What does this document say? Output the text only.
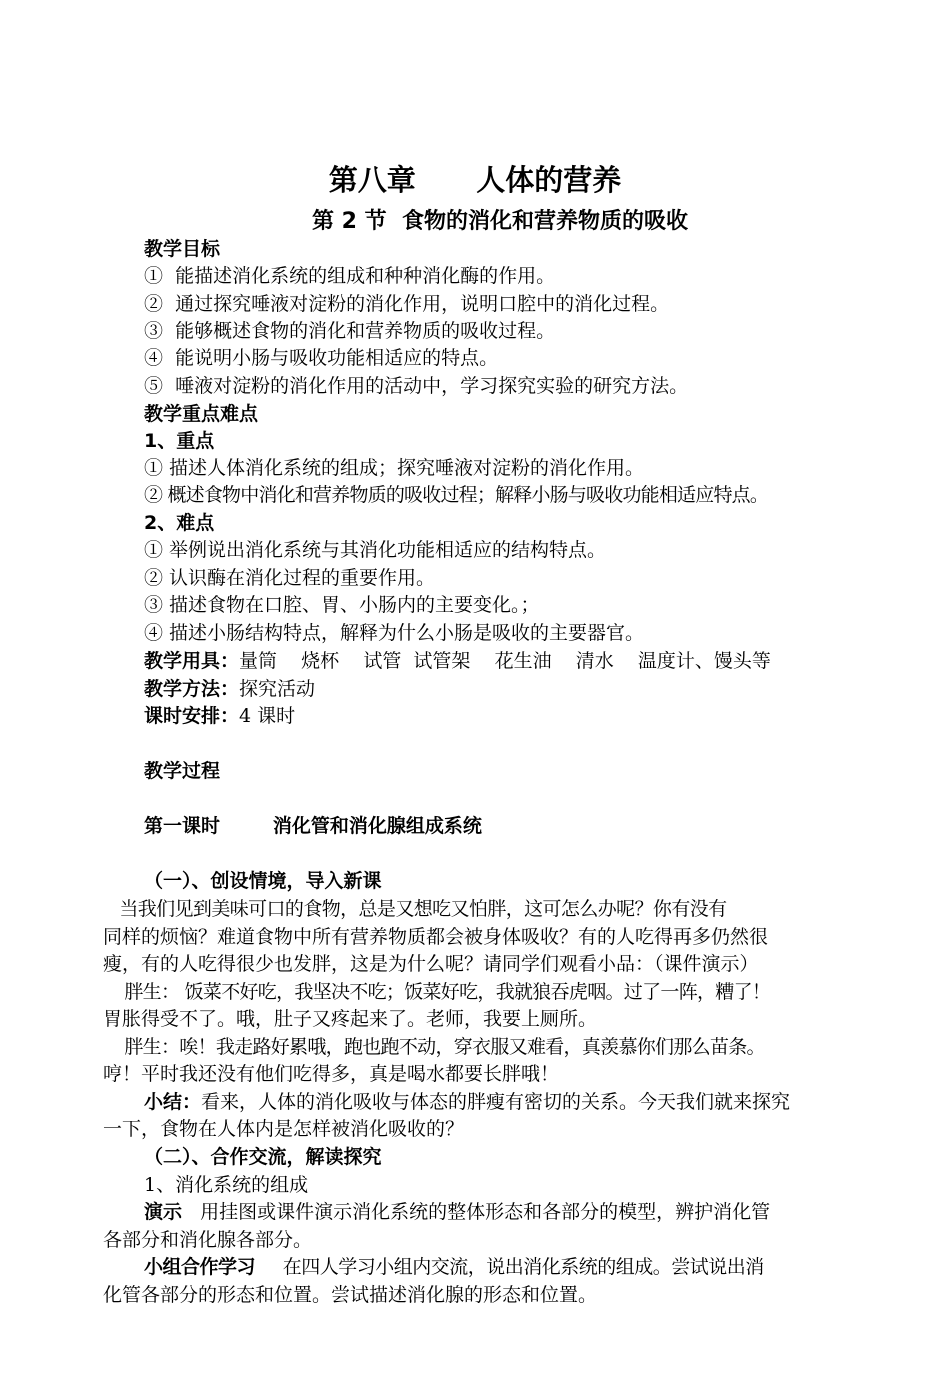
第八章      人体的营养
第 2 节  食物的消化和营养物质的吸收
教学目标
①  能描述消化系统的组成和种种消化酶的作用。
②  通过探究唾液对淀粉的消化作用，说明口腔中的消化过程。
③  能够概述食物的消化和营养物质的吸收过程。
④  能说明小肠与吸收功能相适应的特点。
⑤  唾液对淀粉的消化作用的活动中，学习探究实验的研究方法。
教学重点难点
1、重点
① 描述人体消化系统的组成；探究唾液对淀粉的消化作用。
② 概述食物中消化和营养物质的吸收过程；解释小肠与吸收功能相适应特点。
2、难点
① 举例说出消化系统与其消化功能相适应的结构特点。
② 认识酶在消化过程的重要作用。
③ 描述食物在口腔、胃、小肠内的主要变化。；
④ 描述小肠结构特点，解释为什么小肠是吸收的主要器官。
教学用具：量筒    烧杯    试管  试管架    花生油    清水    温度计、馒头等
教学方法：探究活动
课时安排：4 课时
教学过程
第一课时        消化管和消化腺组成系统
（一）、创设情境，导入新课
当我们见到美味可口的食物，总是又想吃又怕胖，这可怎么办呢？你有没有
同样的烦恼？难道食物中所有营养物质都会被身体吸收？有的人吃得再多仍然很
瘦，有的人吃得很少也发胖，这是为什么呢？请同学们观看小品：（课件演示）
胖生： 饭菜不好吃，我坚决不吃；饭菜好吃，我就狼吞虎咽。过了一阵，糟了！
胃胀得受不了。哦，肚子又疼起来了。老师，我要上厕所。
胖生：唉！我走路好累哦，跑也跑不动，穿衣服又难看，真羡慕你们那么苗条。
哼！平时我还没有他们吃得多，真是喝水都要长胖哦！
小结：看来，人体的消化吸收与体态的胖瘦有密切的关系。今天我们就来探究
一下，食物在人体内是怎样被消化吸收的？
（二）、合作交流，解读探究
1、消化系统的组成
演示   用挂图或课件演示消化系统的整体形态和各部分的模型，辨护消化管
各部分和消化腺各部分。
小组合作学习     在四人学习小组内交流，说出消化系统的组成。尝试说出消
化管各部分的形态和位置。尝试描述消化腺的形态和位置。
